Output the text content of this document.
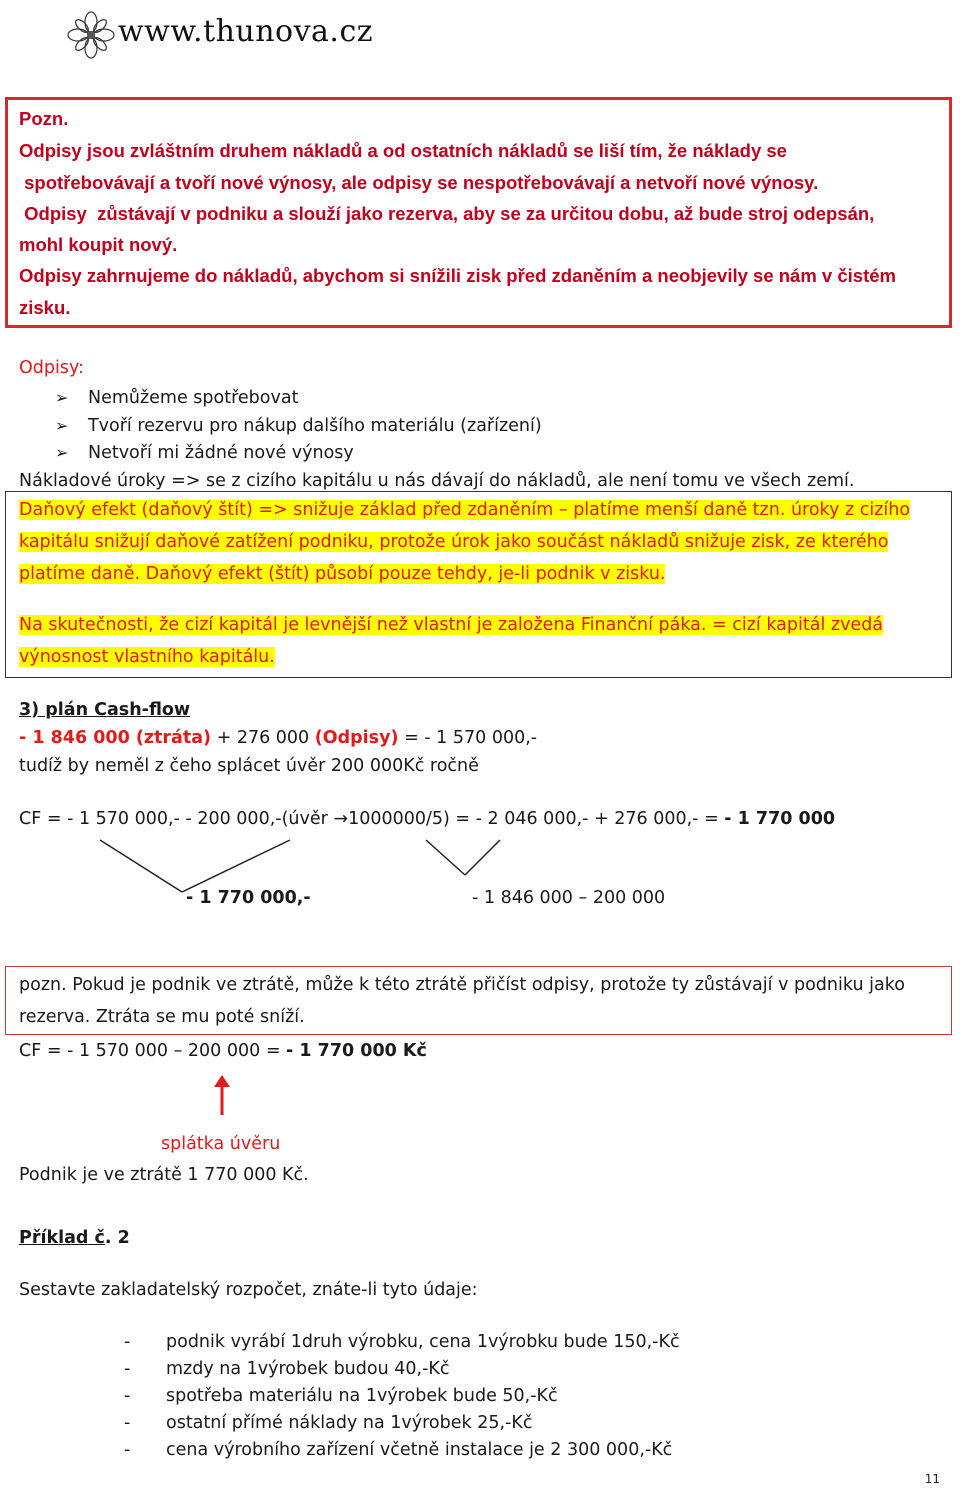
www.thunova.cz
Pozn.
Odpisy jsou zvláštním druhem nákladů a od ostatních nákladů se liší tím, že náklady se
spotřebovávají a tvoří nové výnosy, ale odpisy se nespotřebovávají a netvoří nové výnosy.
Odpisy  zůstávají v podniku a slouží jako rezerva, aby se za určitou dobu, až bude stroj odepsán,
mohl koupit nový.
Odpisy zahrnujeme do nákladů, abychom si snížili zisk před zdaněním a neobjevily se nám v čistém
zisku.
Odpisy:
➢ Nemůžeme spotřebovat
➢ Tvoří rezervu pro nákup dalšího materiálu (zařízení)
➢ Netvoří mi žádné nové výnosy
Nákladové úroky => se z cizího kapitálu u nás dávají do nákladů, ale není tomu ve všech zemí.
Daňový efekt (daňový štít) => snižuje základ před zdaněním – platíme menší daně tzn. úroky z cizího
kapitálu snižují daňové zatížení podniku, protože úrok jako součást nákladů snižuje zisk, ze kterého
platíme daně. Daňový efekt (štít) působí pouze tehdy, je-li podnik v zisku.
Na skutečnosti, že cizí kapitál je levnější než vlastní je založena Finanční páka. = cizí kapitál zvedá
výnosnost vlastního kapitálu.
3) plán Cash-flow
- 1 846 000 (ztráta) + 276 000 (Odpisy) = - 1 570 000,-
tudíž by neměl z čeho splácet úvěr 200 000Kč ročně
CF = - 1 570 000,- - 200 000,-(úvěr →1000000/5) = - 2 046 000,- + 276 000,- = - 1 770 000
- 1 770 000,-	- 1 846 000 – 200 000
pozn. Pokud je podnik ve ztrátě, může k této ztrátě přičíst odpisy, protože ty zůstávají v podniku jako
rezerva. Ztráta se mu poté sníží.
CF = - 1 570 000 – 200 000 = - 1 770 000 Kč
splátka úvěru
Podnik je ve ztrátě 1 770 000 Kč.
Příklad č. 2
Sestavte zakladatelský rozpočet, znáte-li tyto údaje:
- podnik vyrábí 1druh výrobku, cena 1výrobku bude 150,-Kč
- mzdy na 1výrobek budou 40,-Kč
- spotřeba materiálu na 1výrobek bude 50,-Kč
- ostatní přímé náklady na 1výrobek 25,-Kč
- cena výrobního zařízení včetně instalace je 2 300 000,-Kč
11
